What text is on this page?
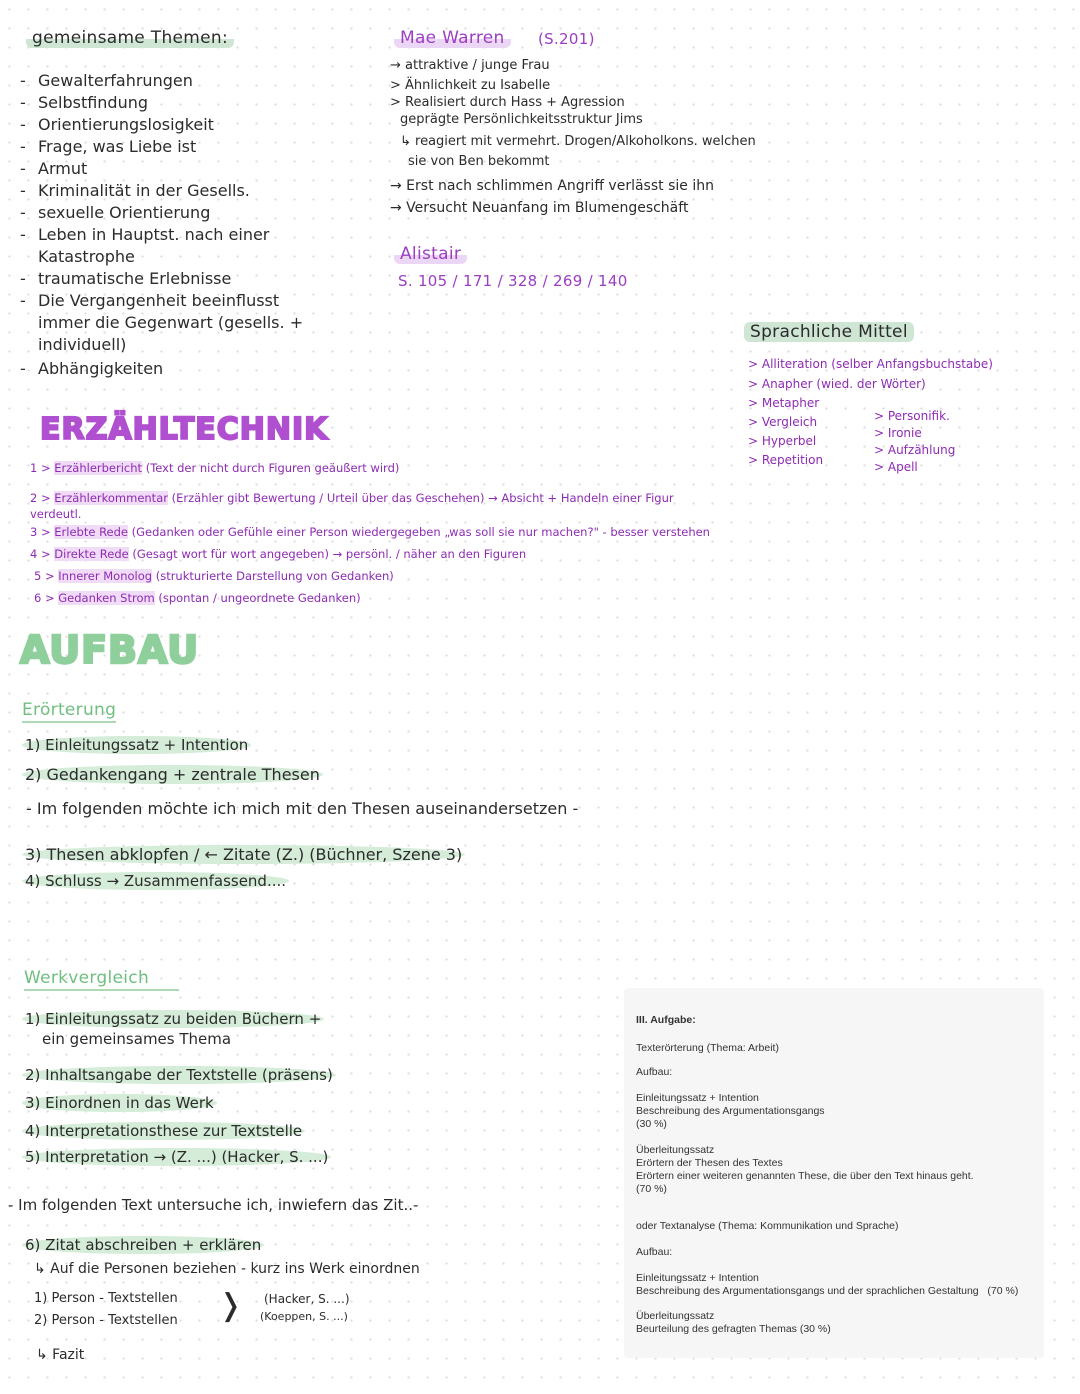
gemeinsame Themen:
- Gewalterfahrungen
- Selbstfindung
- Orientierungslosigkeit
- Frage, was Liebe ist
- Armut
- Kriminalität in der Gesells.
- sexuelle Orientierung
- Leben in Hauptst. nach einer Katastrophe
- traumatische Erlebnisse
- Die Vergangenheit beeinflusst immer die Gegenwart (gesells. + individuell)
- Abhängigkeiten
Mae Warren	(S.201)
→ attraktive / junge Frau
> Ähnlichkeit zu Isabelle
> Realisiert durch Hass + Agression
geprägte Persönlichkeitsstruktur Jims
↳ reagiert mit vermehrt. Drogen/Alkoholkons. welchen
sie von Ben bekommt
→ Erst nach schlimmen Angriff verlässt sie ihn
→ Versucht Neuanfang im Blumengeschäft
Alistair
S. 105 / 171 / 328 / 269 / 140
Sprachliche Mittel
> Alliteration (selber Anfangsbuchstabe)
> Anapher (wied. der Wörter)
> Metapher
> Vergleich
> Hyperbel
> Repetition
> Personifik.
> Ironie
> Aufzählung
> Apell
ERZÄHLTECHNIK
1 > Erzählerbericht (Text der nicht durch Figuren geäußert wird)
2 > Erzählerkommentar (Erzähler gibt Bewertung / Urteil über das Geschehen) → Absicht + Handeln einer Figur verdeutl.
3 > Erlebte Rede (Gedanken oder Gefühle einer Person wiedergegeben „was soll sie nur machen?" - besser verstehen
4 > Direkte Rede (Gesagt wort für wort angegeben) → persönl. / näher an den Figuren
5 > Innerer Monolog (strukturierte Darstellung von Gedanken)
6 > Gedanken Strom (spontan / ungeordnete Gedanken)
AUFBAU
Erörterung
1) Einleitungssatz + Intention
2) Gedankengang + zentrale Thesen
- Im folgenden möchte ich mich mit den Thesen auseinandersetzen -
3) Thesen abklopfen / ← Zitate (Z.) (Büchner, Szene 3)
4) Schluss → Zusammenfassend....
Werkvergleich
1) Einleitungssatz zu beiden Büchern +
ein gemeinsames Thema
2) Inhaltsangabe der Textstelle (präsens)
3) Einordnen in das Werk
4) Interpretationsthese zur Textstelle
5) Interpretation → (Z. ...) (Hacker, S. ...)
- Im folgenden Text untersuche ich, inwiefern das Zit..-
6) Zitat abschreiben + erklären
↳ Auf die Personen beziehen - kurz ins Werk einordnen
1) Person - Textstellen
2) Person - Textstellen ❭ (Hacker, S. ...)
(Koeppen, S. ...)
↳ Fazit
III. Aufgabe:
Texterörterung (Thema: Arbeit)
Aufbau:
Einleitungssatz + Intention
Beschreibung des Argumentationsgangs
(30 %)
Überleitungssatz
Erörtern der Thesen des Textes
Erörtern einer weiteren genannten These, die über den Text hinaus geht.
(70 %)
oder Textanalyse (Thema: Kommunikation und Sprache)
Aufbau:
Einleitungssatz + Intention
Beschreibung des Argumentationsgangs und der sprachlichen Gestaltung (70 %)
Überleitungssatz
Beurteilung des gefragten Themas (30 %)
